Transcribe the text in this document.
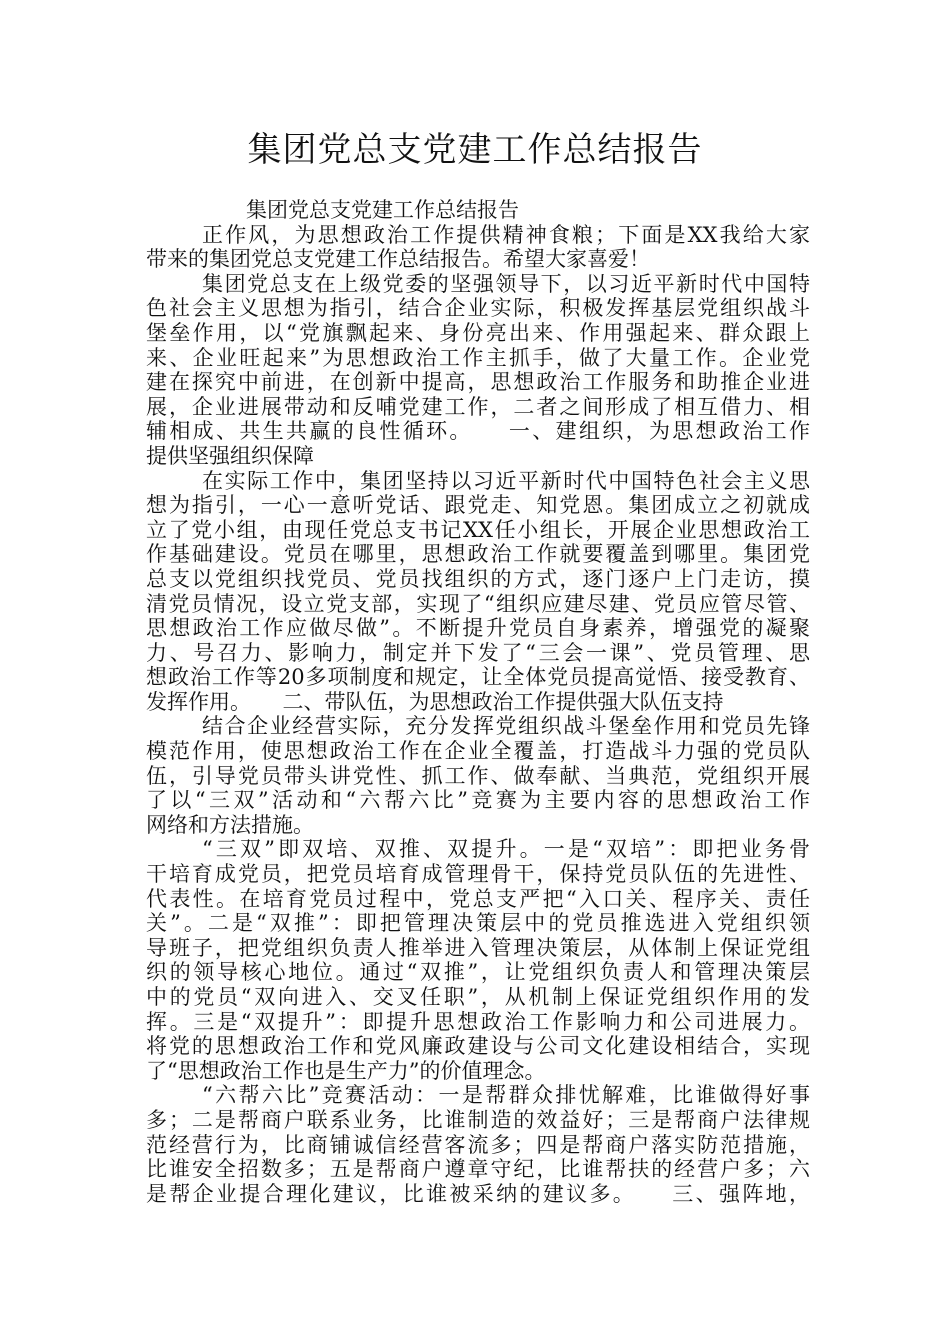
集团党总支党建工作总结报告
集团党总支党建工作总结报告
正作风，为思想政治工作提供精神食粮；下面是XX我给大家
带来的集团党总支党建工作总结报告。希望大家喜爱！
集团党总支在上级党委的坚强领导下，以习近平新时代中国特
色社会主义思想为指引，结合企业实际，积极发挥基层党组织战斗
堡垒作用，以“党旗飘起来、身份亮出来、作用强起来、群众跟上
来、企业旺起来”为思想政治工作主抓手，做了大量工作。企业党
建在探究中前进，在创新中提高，思想政治工作服务和助推企业进
展，企业进展带动和反哺党建工作，二者之间形成了相互借力、相
辅相成、共生共赢的良性循环。　　一、建组织，为思想政治工作
提供坚强组织保障
在实际工作中，集团坚持以习近平新时代中国特色社会主义思
想为指引，一心一意听党话、跟党走、知党恩。集团成立之初就成
立了党小组，由现任党总支书记XX任小组长，开展企业思想政治工
作基础建设。党员在哪里，思想政治工作就要覆盖到哪里。集团党
总支以党组织找党员、党员找组织的方式，逐门逐户上门走访，摸
清党员情况，设立党支部，实现了“组织应建尽建、党员应管尽管、
思想政治工作应做尽做”。不断提升党员自身素养，增强党的凝聚
力、号召力、影响力，制定并下发了“三会一课”、党员管理、思
想政治工作等20多项制度和规定，让全体党员提高觉悟、接受教育、
发挥作用。　　二、带队伍，为思想政治工作提供强大队伍支持
结合企业经营实际，充分发挥党组织战斗堡垒作用和党员先锋
模范作用，使思想政治工作在企业全覆盖，打造战斗力强的党员队
伍，引导党员带头讲党性、抓工作、做奉献、当典范，党组织开展
了以“三双”活动和“六帮六比”竞赛为主要内容的思想政治工作
网络和方法措施。
“三双”即双培、双推、双提升。一是“双培”：即把业务骨
干培育成党员，把党员培育成管理骨干，保持党员队伍的先进性、
代表性。在培育党员过程中，党总支严把“入口关、程序关、责任
关”。二是“双推”：即把管理决策层中的党员推选进入党组织领
导班子，把党组织负责人推举进入管理决策层，从体制上保证党组
织的领导核心地位。通过“双推”，让党组织负责人和管理决策层
中的党员“双向进入、交叉任职”，从机制上保证党组织作用的发
挥。三是“双提升”：即提升思想政治工作影响力和公司进展力。
将党的思想政治工作和党风廉政建设与公司文化建设相结合，实现
了“思想政治工作也是生产力”的价值理念。
“六帮六比”竞赛活动：一是帮群众排忧解难，比谁做得好事
多；二是帮商户联系业务，比谁制造的效益好；三是帮商户法律规
范经营行为，比商铺诚信经营客流多；四是帮商户落实防范措施，
比谁安全招数多；五是帮商户遵章守纪，比谁帮扶的经营户多；六
是帮企业提合理化建议，比谁被采纳的建议多。　　三、强阵地，
